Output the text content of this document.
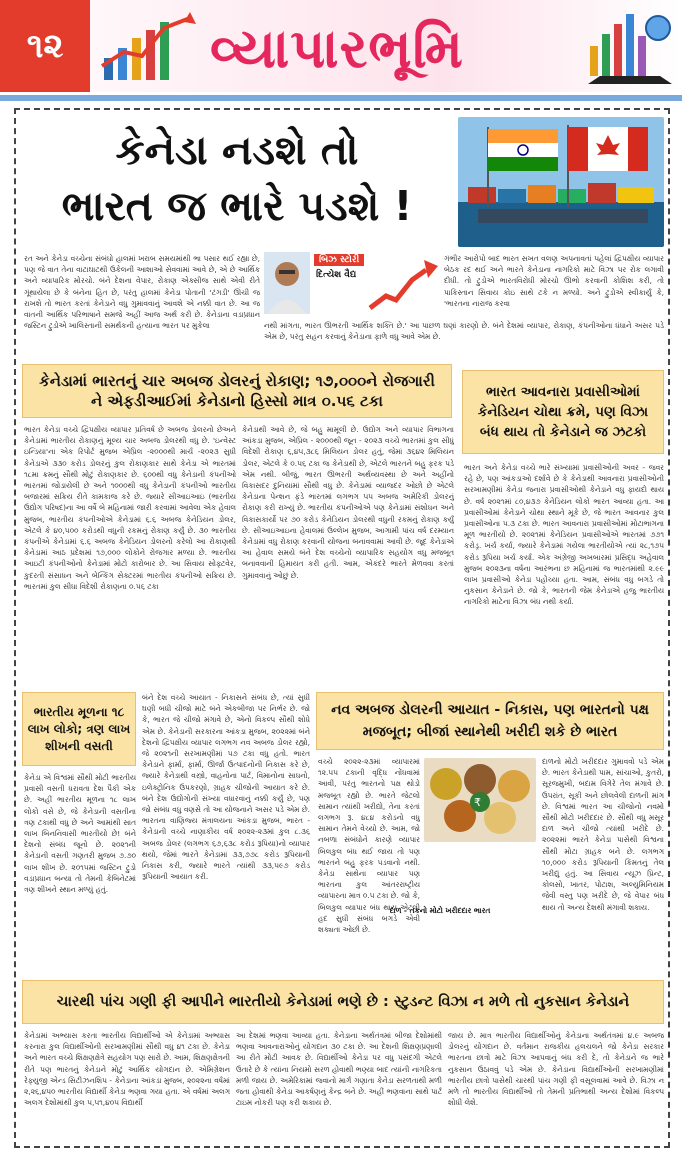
૧૨	વ્યાપારભૂમિ
કેનેડા નડશે તો
ભારત જ ભારે પડશે !
રત અને કેનેડા વચ્ચેના સંબંધો હાલમાં ખરાબ સમયમાંથી ભા પસાર થઈ રહ્યા છે, પણ જે વાત તેના વાટાઘાટથી ઉકેલની આશાઓ સેવવામાં આવે છે, એ છે આર્થિક અને વ્યાપારિક મોરચો. બંને દેશના વેપાર, રોકાણ એક્સીજ સાથે એવી રીતે ગૂંથાયેલા છે કે બંનેના હિત છે, પરંતુ હાલમાં કેનેડા પોતાની 'ટંગડી' ઊંચી જ રાખશે તો ભારત કરતાં કેનેડાને વધુ ગુમાવવાનું આવશે એ નક્કી વાત છે. આ જ વાતની આર્થિક પરિભાષાને સમજે અહીં આજ અર્થ કરી છે. કેનેડાના વડાપ્રધાન જસ્ટિન ટ્રુડોએ ખાલિસ્તાની સમર્થકની હત્યાના ભારત પર મુકેલા
બિઝ સ્ટોરી
દિત્યેશ વૈદ્ય
ગંભીર આરોપો બાદ ભારત સખત વલણ અપનાવતાં પહેલાં દ્વિપક્ષીય વ્યાપાર બેઠક રદ થઈ અને ભારતે કેનેડાના નાગરિકો માટે વિઝા પર રોક લગાવી દીધી. તો ટ્રુડોએ ભારતવિરોધી મોરચો ઊભો કરવાની કોશિશ કરી, તો પાકિસ્તાન સિવાય કોઇ સાથે ટકે ન મળ્યો. અને ટ્રુડોએ સ્વીકાર્યું કે, 'ભારતના નારાજ કરવા
નથી માંગતા, ભારત ઊભરતી આર્થિક શક્તિ છે.' આ પાછળ ઘણાં કારણો છે. બંને દેશમાં વ્યાપાર, રોકાણ, કંપનીઓના ધંધાને અસર પડે એમ છે, પરંતુ સહન કરવાનું કેનેડાના ફાળે વધુ આવે એમ છે.
કેનેડામાં ભારતનું ચાર અબજ ડોલરનું રોકાણ; ૧૭,૦૦૦ને રોજગારી ને એફડીઆઈમાં કેનેડાનો હિસ્સો માત્ર ૦.૫૬ ટકા
ભારત કેનેડા વચ્ચે દ્વિપક્ષીય વ્યાપાર પ્રતિવર્ષ છે અબજ ડોલરનો છેઅને કેનેડામાં ભારતીય રોકાણનું મૂલ્ય ચાર અબજ ડોલરથી વધુ છે. 'ઇન્વેસ્ટ ઇન્ડિયા'ના એક રિપોર્ટ મુજબ એપ્રિલ -૨૦૦૦થી માર્ચ -૨૦૨૩ સુધી કેનેડાએ ૩૩૦ કરોડ ડોલરનું કુલ રોકાણકાર સાથે કેનેડા એ ભારતમાં ૧૮મા ક્રમનું સૌથી મોટું રોકાણકાર છે. ૬૦૦થી વધુ કેનેડાની કંપનીઓ ભારતમાં જોડાયેલી છે અને ૧૦૦૦થી વધુ કેનેડાની કંપનીઓ ભારતીય બજારમાં સક્રિય રીતે કામકાજ કરે છે. જ્યારે સીઆઇઆઇ (ભારતીય ઉદ્યોગ પરિષદ)ના આ વર્ષે બે મહિનામાં જારી કરવામાં આવેલા એક હેવાલ મુજબ, ભારતીય કંપનીઓએ કેનેડામાં ૬.૬ અબજ કેનેડિયન ડોલર, એટલે કે ૪૦,૫૦૦ કરોડથી વધુની રકમનું રોકાણ કર્યું છે. ૩૦ ભારતીય કંપનીએ કેનેડામાં ૬.૬ અબજ કેનેડિયન ડોલરનો કરેલો આ રોકાણથી કેનેડામાં આઠ પ્રદેશમાં ૧૭,૦૦૦ લોકોને રોજગાર મળ્યા છે. ભારતીય આઇટી કંપનીઓનો કેનેડામાં મોટો કારોબાર છે. આ સિવાય સોફ્ટવેર, કુદરતી સંસાધન અને બેન્કિંગ સેક્ટરમાં ભારતીય કંપનીઓ સક્રિય છે. ભારતમાં કુલ સીધા વિદેશી રોકાણના ૦.૫૬ ટકા
કેનેડાથી આવે છે, જે બહુ મામૂલી છે. ઉદ્યોગ અને વ્યાપાર વિભાગના આંકડા મુજબ, એપ્રિલ - ૨૦૦૦થી જૂન - ૨૦૨૩ વચ્ચે ભારતમાં કુલ સીધું વિદેશી રોકાણ ૬,૪૫,૩૮૬ મિલિયન ડોલર હતું, જેમાં ૩૬૪૨ મિલિયન ડોલર, એટલે કે ૦.૫૬ ટકા જ કેનેડાથી છે, એટલે ભારતને બહુ ફરક પડે એમ નથી. બીજું, ભારત ઊભરતી અર્થવ્યવસ્થા છે અને અહીંનો વિકાસદર દુનિયામાં સૌથી વધુ છે. કેનેડામાં વ્યાજદર ઓછો છે એટલે કેનેડાના પેન્શન ફંડે ભારતમાં લગભગ ૫૫ અબજ અમેરિકી ડોલરનું રોકાણ કરી રાખ્યું છે. ભારતીય કંપનીઓએ પણ કેનેડામાં સંશોધન અને વિકાસકાર્યો પર ૭૦ કરોડ કેનેડિયન ડોલરથી વધુની રકમનું રોકાણ કર્યું છે. સીઆઇઆઇના હેવાલમાં ઉલ્લેખ મુજબ, આગામી પાંચ વર્ષ દરમ્યાન કેનેડામાં વધુ રોકાણ કરવાની યોજના બનાવવામાં આવી છે. જૂદ કેનેડાએ આ હેવાલ સમયે બંને દેશ વચ્ચેનો વ્યાપારિક સહયોગ વધુ મજબૂત બનાવવાની હિમાયત કરી હતી. આમ, એકંદરે ભારતે મેળવવા કરતાં ગુમાવવાનું ઓછું છે.
ભારત આવનારા પ્રવાસીઓમાં કેનેડિયન ચોથા ક્રમે, પણ વિઝા બંધ થાય તો કેનેડાને જ ઝટકો
ભારત અને કેનેડા વચ્ચે ભારે સંખ્યામાં પ્રવાસીઓની અવર - જવર રહે છે, પણ આંકડાઓ દર્શાવે છે કે કેનેડાથી આવનારા પ્રવાસીઓની સરખામણીમાં કેનેડા જનારા પ્રવાસીઓથી કેનેડાને વધુ ફાયદો થાય છે. વર્ષ ૨૦૨૧માં ૮૦,૪૩૭ કેનેડિયન લોકો ભારત આવ્યા હતા. આ પ્રવાસીઓમાં કેનેડાને ચોથા સ્થાને મૂકે છે, જે ભારત આવનાર કુલ પ્રવાસીઓના ૫.૩ ટકા છે. ભારત આવનારા પ્રવાસીઓમાં મોટાભાગના મૂળ ભારતીયો છે. ૨૦૨૧માં કેનેડિયન પ્રવાસીઓએ ભારતમાં ૭૭૧ કરોડ્ર. ખર્ચ કર્યા, જ્યારે કેનેડામાં ગયેલા ભારતીયોએ ત્યાં ૨૮,૧૭૫ કરોડ રૂપિયા ખર્ચ કર્યા. એક અંગ્રેજી અખબારમાં પ્રસિદ્ધ અહેવાલ મુજબ ૨૦૨૩ના વર્ષના આરંભના છ મહિનામાં જ ભારતમાંથી ૨.૯૯ લાખ પ્રવાસીઓ કેનેડા પહોંચ્યા હતા. આમ, સંબંધ વધુ બગડે તો નુકસાન કેનેડાને છે. જો કે, ભારતની જેમ કેનેડાએ હજુ ભારતીય નાગરિકો માટેના વિઝા બંધ નથી કર્યા.
ભારતીય મૂળના ૧૮ લાખ લોકો; ત્રણ લાખ શીખની વસતી
કેનેડા એ વિશ્વમાં સૌથી મોટી ભારતીય પ્રવાસી વસતી ધરાવતા દેશ પૈકી એક છે. અહીં ભારતીય મૂળના ૧૮ લાખ લોકો વસે છે, જે કેનેડાની વસતીના ત્રણ ટકાથી વધુ છે અને આમાંથી સાત લાખ બિનનિવાસી ભારતીયો છે! બંને દેશનો સંબંધ જૂનો છે. ૨૦૨૧ની કેનેડાની વસતી ગણતરી મુજબ ૭.૭૦ લાખ શીખ છે. ૨૦૧૫માં જસ્ટિન ટ્રુડો વડાપ્રધાન બન્યા તો તેમની કેબિનેટમાં ત્રણ શીખને સ્થાન મળ્યું હતું.
બંને દેશ વચ્ચે આયાત - નિકાસને સંબંધ છે, ત્યાં સુધી ઘણી બધી ચીજો માટે બંને એકબીજા પર નિર્ભર છે. જો કે, ભારત જે ચીજો મંગાવે છે, એનો વિકલ્પ સૌથી શોધે એમ છે. કેનેડાની સરકારના આંકડા મુજબ, ૨૦૨૨માં બંને દેશનો દ્વિપક્ષીય વ્યાપાર લગભગ નવ અબજ ડોલર રહ્યો, જે ૨૦૨૧ની સરખામણીમાં ૫૭ ટકા વધુ હતો. ભારત કેનેડાને ફાર્મા, ફાર્મા, ઊર્જા ઉત્પાદનોની નિકાસ કરે છે, જ્યારે કેનેડાથી વસ્ત્રો, વાહનોના પાર્ટ, વિમાનોના સાધનો, ઇલેક્ટ્રોનિક ઉપકરણો, ગ્રાહક ચીજોની આયાત કરે છે. બંને દેશ ઉદ્યોગોની સંખ્યા વધારવાનું નક્કી કર્યું છે, પણ જો સંબંધ વધુ વણસે તો આ યોજનાને અસર પડે એમ છે. ભારતના વાણિજ્ય મંત્રાલયના આંકડા મુજબ, ભારત - કેનેડાની વચ્ચે નાણાકીય વર્ષ ૨૦૨૨-૨૩માં કુલ ૮.૩૬ અબજ ડોલર (લગભગ ૬૭,૬૩૮ કરોડ રૂપિયા)નો વ્યાપાર થયો, જેમાં ભારતે કેનેડામાં ૩૩,૭૭૮ કરોડ રૂપિયાની નિકાસ કરી, જ્યારે ભારતે ત્યાંથી ૩૩,૫૯૭ કરોડ રૂપિયાની આયાત કરી.
નવ અબજ ડોલરની આયાત - નિકાસ, પણ ભારતનો પક્ષ મજબૂત; બીજાં સ્થાનેથી ખરીદી શકે છે ભારત
વચ્ચે ૨૦૨૨-૨૩માં વ્યાપારમાં ૧૨.૫૫ ટકાની વૃદ્ધિ નોંધવામાં આવી, પરંતુ ભારતનો પક્ષ થોડો મજબૂત રહ્યો છે. ભારતે જેટલો સામાન ત્યાંથી ખરીદ્યો, તેના કરતાં લગભગ રૂ. ૪૮૪ કરોડનો વધુ સામાન તેમને વેચ્યો છે. આમ, જો નબળા સંબંધોને કારણે વ્યાપાર બિલકુલ બંધ થઈ જાય તો પણ ભારતને બહુ ફરક પડવાનો નથી. કેનેડા સાથેના વ્યાપાર પણ ભારતના કુલ આંતરરાષ્ટ્રીય વ્યાપારના માત્ર ૦.૫ ટકા છે. જો કે, બિલકુલ વ્યાપાર બંધ થાય એટલી હદ સુધી સંબંધ બગડે એવી શક્યતા ઓછી છે.
₹
દાળ - તકનો મોટો ખરીદદાર ભારત
દાળનો મોટો ખરીદદાર ગુમાવવો પડે એમ છે. ભારત કેનેડાથી પામ, સાંચાઓ, કુતરો, સૂરજમુખી, બદામ વિગેરે તેલ મંગાવે છે. ઉપરાંત, સૂકી અને છોલવેલી દાળની માંગ છે. વિશ્વમાં ભારત આ ચીજોનો નવમો સૌથી મોટો ખરીદદાર છે. સૌથી વધુ મસૂર દાળ અને ચીજો ત્યાંથી ખરીદે છે. ૨૦૨૨માં ભારતે કેનેડા પાસેથી વિશ્વના સૌથી મોટા ગ્રાહક બને છે. લગભગ ૧૦,૦૦૦ કરોડ રૂપિયાની કિંમતનું તેલ ખરીદ્યું હતું. આ સિવાય ન્યૂઝ પ્રિન્ટ, કોલસો, ખાતર, પોટાશ, અલ્યુમિનિયમ જેવી વસ્તુ પણ ખરીદે છે, જે વેપાર બંધ થાય તો અન્ય દેશથી મંગાવી શકાય.
ચારથી પાંચ ગણી ફી આપીને ભારતીયો કેનેડામાં ભણે છે : સ્ટુડન્ટ વિઝા ન મળે તો નુકસાન કેનેડાને
કેનેડામાં અભ્યાસ કરતા ભારતીય વિદ્યાર્થીઓ એ કેનેડામાં અભ્યાસ કરનારા કુલ વિદ્યાર્થીઓની સરખામણીમાં સૌથી વધુ ૪૧ ટકા છે. કેનેડા અને ભારત વચ્ચે શિક્ષણક્ષેત્રે સહયોગ પણ સારો છે. આમ, શિક્ષણક્ષેત્રની રીતે પણ ભારતનું કેનેડાને મોટું આર્થિક યોગદાન છે. એમિગ્રેશન રેફ્યુજી એન્ડ સિટીઝનશિપ - કેનેડાના આંકડા મુજબ, ૨૦૨૨ના વર્ષમાં ૨,૨૬,૪૫૦ ભારતીય વિદ્યાર્થી કેનેડા ભણવા ગયા હતા. એ વર્ષમાં અલગ અલગ દેશોમાંથી કુલ ૫,૫૧,૪૦૫ વિદ્યાર્થી
આ દેશમાં ભણવા આવ્યા હતા. કેનેડાના અર્થતંત્રમાં બીજા દેશોમાંથી ભણવા આવનારાઓનું યોગદાન ૩૦ ટકા છે. આ દેશની શિક્ષણપ્રણાલી આ રીતે મોટી આવક છે. વિદ્યાર્થીઓ કેનેડા પર વધુ પસંદગી એટલે ઉતારે છે કે ત્યાંના નિયમો સરળ હોવાથી ભણ્યા બાદ ત્યાંની નાગરિકતા મળી જાય છે. અમેરિકામાં જવાનો માર્ગ ગણાતા કેનેડા સરળતાથી મળી જતા હોવાથી કેનેડા આકર્ષણનું કેન્દ્ર બને છે. અહીં ભણવાના સાથે પાર્ટ ટાઇમ નોકરી પણ કરી શકાય છે.
જાય છે. માત્ર ભારતીય વિદ્યાર્થીઓનું કેનેડાના અર્થતંત્રમાં ૪.૯ અબજ ડોલરનું યોગદાન છે. વર્તમાન રાજકીય હલચલને જો કેનેડા સરકાર ભારતના છાત્રો માટે વિઝા આપવાનું બંધ કરી દે, તો કેનેડાને જ ભારે નુકસાન ઉઠાવવું પડે એમ છે. કેનેડાના વિદ્યાર્થીઓની સરખામણીમાં ભારતીય છાત્રો પાસેથી ચારથી પાંચ ગણી ફી વસૂલવામાં આવે છે. વિઝા ન મળે તો ભારતીય વિદ્યાર્થીઓ તો તેમની પ્રતિભાથી અન્ય દેશોમાં વિકલ્પ શોધી લેશે.
